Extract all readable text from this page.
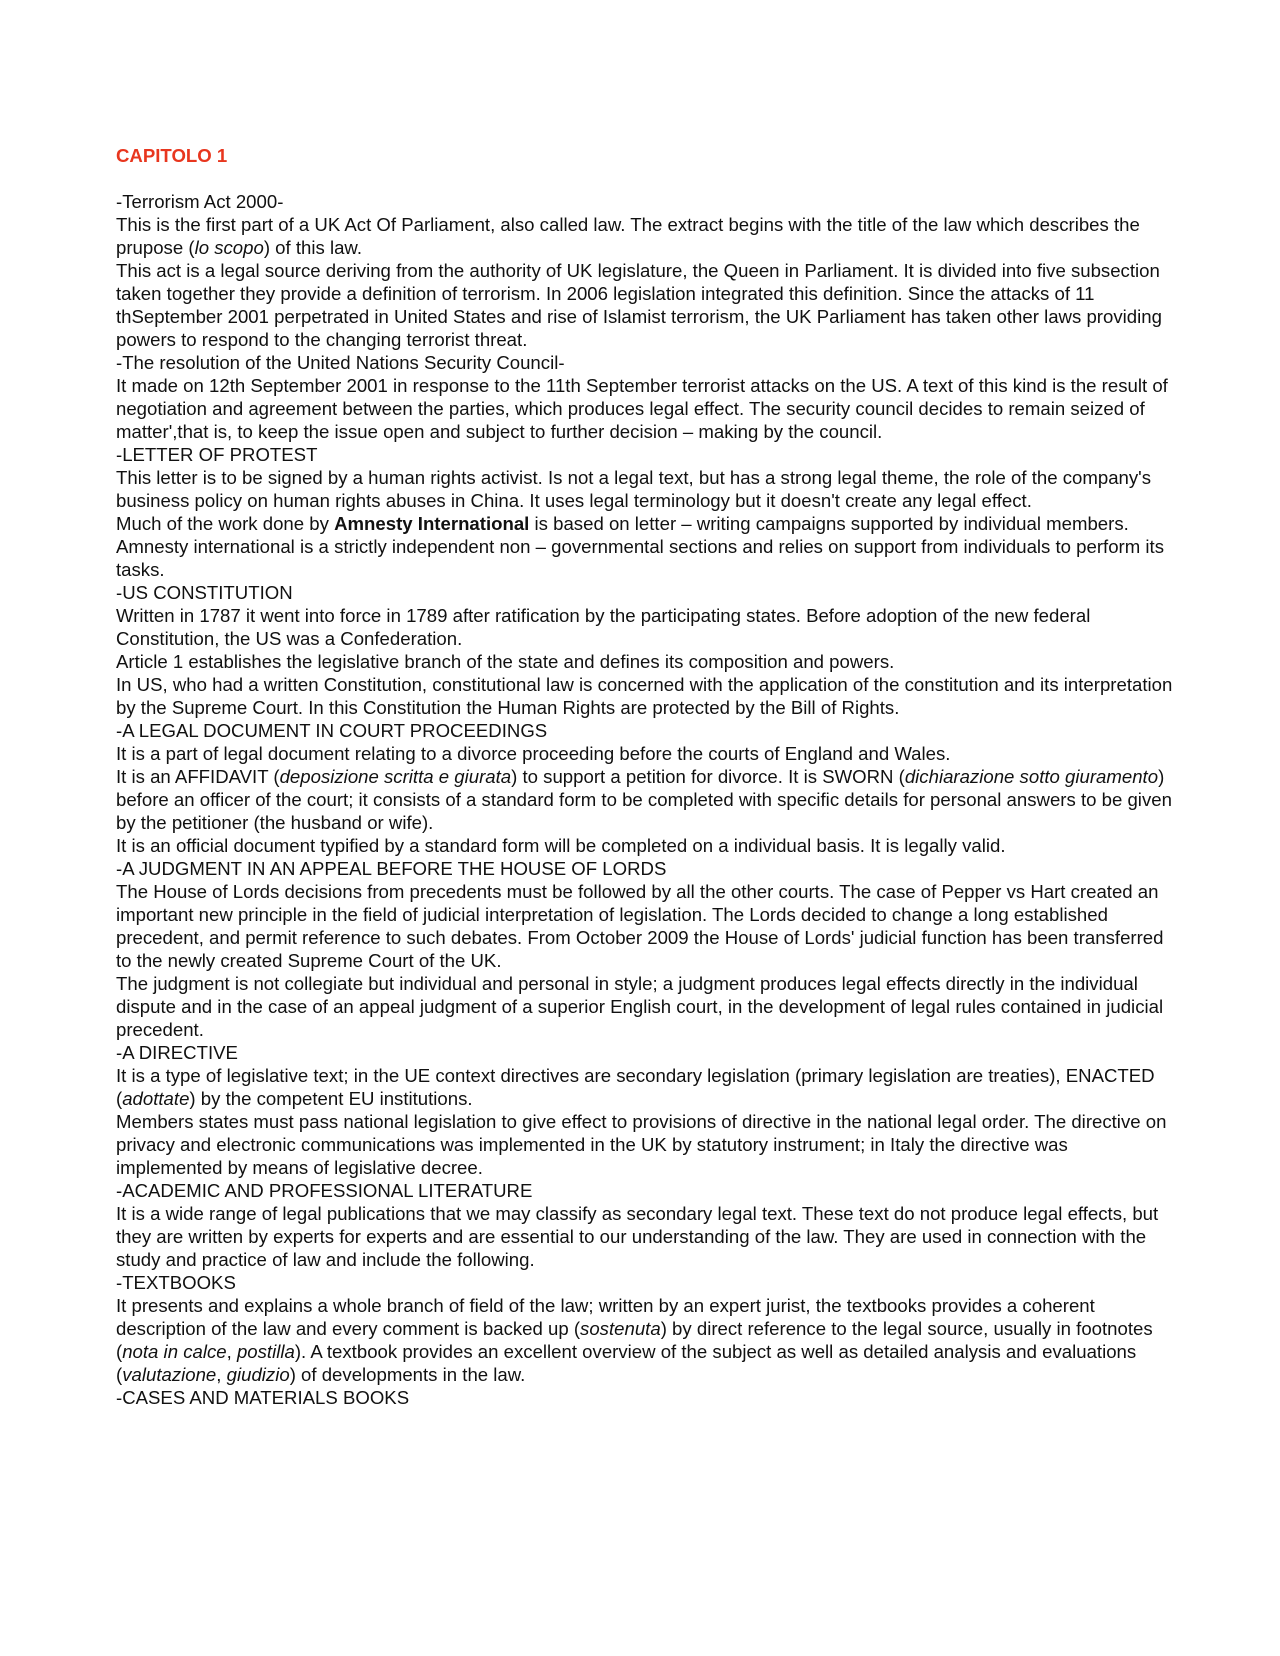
CAPITOLO 1

-Terrorism Act 2000-

This is the first part of a UK Act Of Parliament, also called law. The extract begins with the title of the law which describes the prupose (lo scopo) of this law.

This act is a legal source deriving from the authority of UK legislature, the Queen in Parliament. It is divided into five subsection taken together they provide a definition of terrorism. In 2006 legislation integrated this definition. Since the attacks of 11 thSeptember 2001 perpetrated in United States and rise of Islamist terrorism, the UK Parliament has taken other laws providing powers to respond to the changing terrorist threat.

-The resolution of the United Nations Security Council-

It made on 12th September 2001 in response to the 11th September terrorist attacks on the US. A text of this kind is the result of negotiation and agreement between the parties, which produces legal effect. The security council decides to remain seized of matter',that is, to keep the issue open and subject to further decision – making by the council.

-LETTER OF PROTEST

This letter is to be signed by a human rights activist. Is not a legal text, but has a strong legal theme, the role of the company's business policy on human rights abuses in China. It uses legal terminology but it doesn't create any legal effect.

Much of the work done by Amnesty International is based on letter – writing campaigns supported by individual members. Amnesty international is a strictly independent non – governmental sections and relies on support from individuals to perform its tasks.

-US CONSTITUTION

Written in 1787 it went into force in 1789 after ratification by the participating states. Before adoption of the new federal Constitution, the US was a Confederation.

Article 1 establishes the legislative branch of the state and defines its composition and powers.

In US, who had a written Constitution, constitutional law is concerned with the application of the constitution and its interpretation by the Supreme Court. In this Constitution the Human Rights are protected by the Bill of Rights.

-A LEGAL DOCUMENT IN COURT PROCEEDINGS

It is a part of legal document relating to a divorce proceeding before the courts of England and Wales.

It is an AFFIDAVIT (deposizione scritta e giurata) to support a petition for divorce. It is SWORN (dichiarazione sotto giuramento) before an officer of the court; it consists of a standard form to be completed with specific details for personal answers to be given by the petitioner (the husband or wife).

It is an official document typified by a standard form will be completed on a individual basis. It is legally valid.

-A JUDGMENT IN AN APPEAL BEFORE THE HOUSE OF LORDS

The House of Lords decisions from precedents must be followed by all the other courts. The case of Pepper vs Hart created an important new principle in the field of judicial interpretation of legislation. The Lords decided to change a long established precedent, and permit reference to such debates. From October 2009 the House of Lords' judicial function has been transferred to the newly created Supreme Court of the UK.

The judgment is not collegiate but individual and personal in style; a judgment produces legal effects directly in the individual dispute and in the case of an appeal judgment of a superior English court, in the development of legal rules contained in judicial precedent.

-A DIRECTIVE

It is a type of legislative text; in the UE context directives are secondary legislation (primary legislation are treaties), ENACTED (adottate) by the competent EU institutions.

Members states must pass national legislation to give effect to provisions of directive in the national legal order. The directive on privacy and electronic communications was implemented in the UK by statutory instrument; in Italy the directive was implemented by means of legislative decree.

-ACADEMIC AND PROFESSIONAL LITERATURE

It is a wide range of legal publications that we may classify as secondary legal text. These text do not produce legal effects, but they are written by experts for experts and are essential to our understanding of the law. They are used in connection with the study and practice of law and include the following.

-TEXTBOOKS

It presents and explains a whole branch of field of the law; written by an expert jurist, the textbooks provides a coherent description of the law and every comment is backed up (sostenuta) by direct reference to the legal source, usually in footnotes (nota in calce, postilla). A textbook provides an excellent overview of the subject as well as detailed analysis and evaluations (valutazione, giudizio) of developments in the law.

-CASES AND MATERIALS BOOKS
